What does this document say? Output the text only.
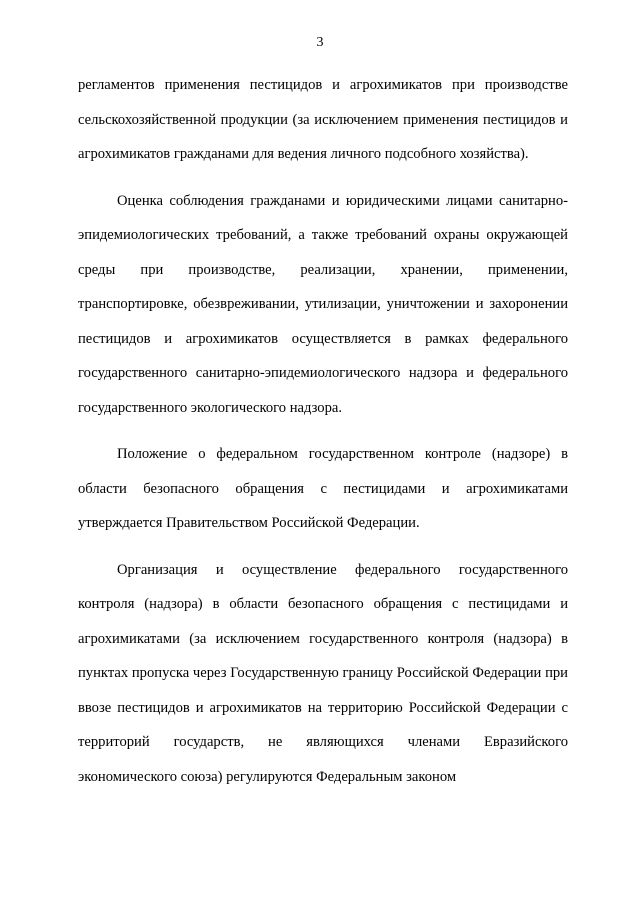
3

регламентов применения пестицидов и агрохимикатов при производстве сельскохозяйственной продукции (за исключением применения пестицидов и агрохимикатов гражданами для ведения личного подсобного хозяйства).

Оценка соблюдения гражданами и юридическими лицами санитарно-эпидемиологических требований, а также требований охраны окружающей среды при производстве, реализации, хранении, применении, транспортировке, обезвреживании, утилизации, уничтожении и захоронении пестицидов и агрохимикатов осуществляется в рамках федерального государственного санитарно-эпидемиологического надзора и федерального государственного экологического надзора.

Положение о федеральном государственном контроле (надзоре) в области безопасного обращения с пестицидами и агрохимикатами утверждается Правительством Российской Федерации.

Организация и осуществление федерального государственного контроля (надзора) в области безопасного обращения с пестицидами и агрохимикатами (за исключением государственного контроля (надзора) в пунктах пропуска через Государственную границу Российской Федерации при ввозе пестицидов и агрохимикатов на территорию Российской Федерации с территорий государств, не являющихся членами Евразийского экономического союза) регулируются Федеральным законом
